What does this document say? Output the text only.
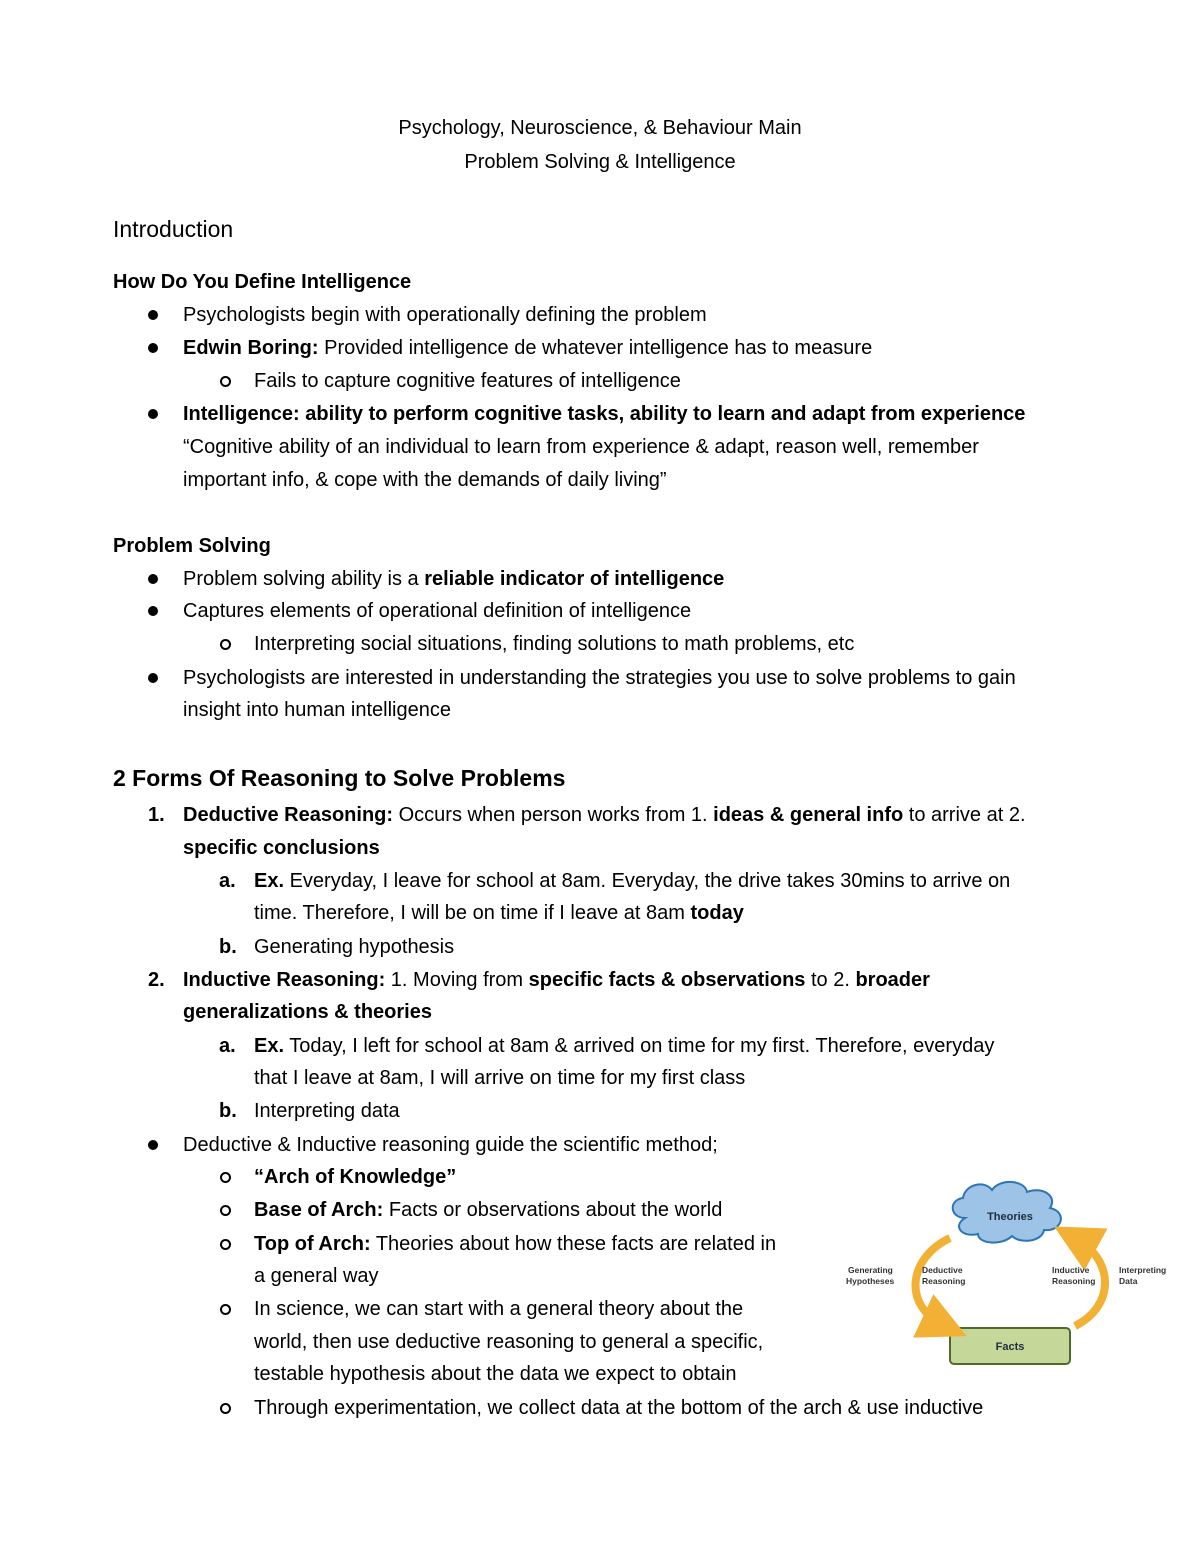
Psychology, Neuroscience, & Behaviour Main
Problem Solving & Intelligence
Introduction
How Do You Define Intelligence
Psychologists begin with operationally defining the problem
Edwin Boring: Provided intelligence de whatever intelligence has to measure
Fails to capture cognitive features of intelligence
Intelligence: ability to perform cognitive tasks, ability to learn and adapt from experience
“Cognitive ability of an individual to learn from experience & adapt, reason well, remember
important info, & cope with the demands of daily living”
Problem Solving
Problem solving ability is a reliable indicator of intelligence
Captures elements of operational definition of intelligence
Interpreting social situations, finding solutions to math problems, etc
Psychologists are interested in understanding the strategies you use to solve problems to gain
insight into human intelligence
2 Forms Of Reasoning to Solve Problems
1. Deductive Reasoning: Occurs when person works from 1. ideas & general info to arrive at 2.
specific conclusions
a. Ex. Everyday, I leave for school at 8am. Everyday, the drive takes 30mins to arrive on
time. Therefore, I will be on time if I leave at 8am today
b. Generating hypothesis
2. Inductive Reasoning: 1. Moving from specific facts & observations to 2. broader
generalizations & theories
a. Ex. Today, I left for school at 8am & arrived on time for my first. Therefore, everyday
that I leave at 8am, I will arrive on time for my first class
b. Interpreting data
Deductive & Inductive reasoning guide the scientific method;
“Arch of Knowledge”
Base of Arch: Facts or observations about the world
Top of Arch: Theories about how these facts are related in
a general way
In science, we can start with a general theory about the
world, then use deductive reasoning to general a specific,
testable hypothesis about the data we expect to obtain
Through experimentation, we collect data at the bottom of the arch & use inductive
Theories
Facts
Generating
Hypotheses
Deductive
Reasoning
Inductive
Reasoning
Interpreting
Data
